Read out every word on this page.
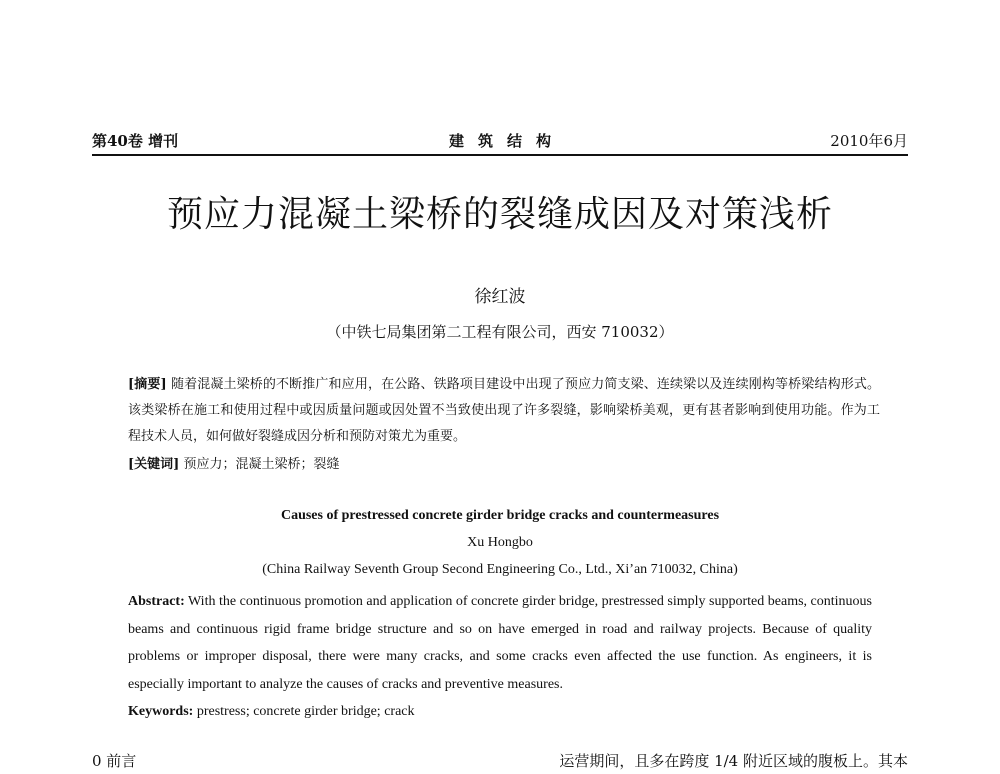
第40卷 增刊	建筑结构	2010年6月
预应力混凝土梁桥的裂缝成因及对策浅析
徐红波
（中铁七局集团第二工程有限公司，西安 710032）
[摘要] 随着混凝土梁桥的不断推广和应用，在公路、铁路项目建设中出现了预应力简支梁、连续梁以及连续刚构等桥梁结构形式。该类梁桥在施工和使用过程中或因质量问题或因处置不当致使出现了许多裂缝，影响梁桥美观，更有甚者影响到使用功能。作为工程技术人员，如何做好裂缝成因分析和预防对策尤为重要。
[关键词] 预应力；混凝土梁桥；裂缝
Causes of prestressed concrete girder bridge cracks and countermeasures
Xu Hongbo
(China Railway Seventh Group Second Engineering Co., Ltd., Xi’an 710032, China)
Abstract: With the continuous promotion and application of concrete girder bridge, prestressed simply supported beams, continuous beams and continuous rigid frame bridge structure and so on have emerged in road and railway projects. Because of quality problems or improper disposal, there were many cracks, and some cracks even affected the use function. As engineers, it is especially important to analyze the causes of cracks and preventive measures.
Keywords: prestress; concrete girder bridge; crack
0 前言	运营期间，且多在跨度 1/4 附近区域的腹板上。其本
